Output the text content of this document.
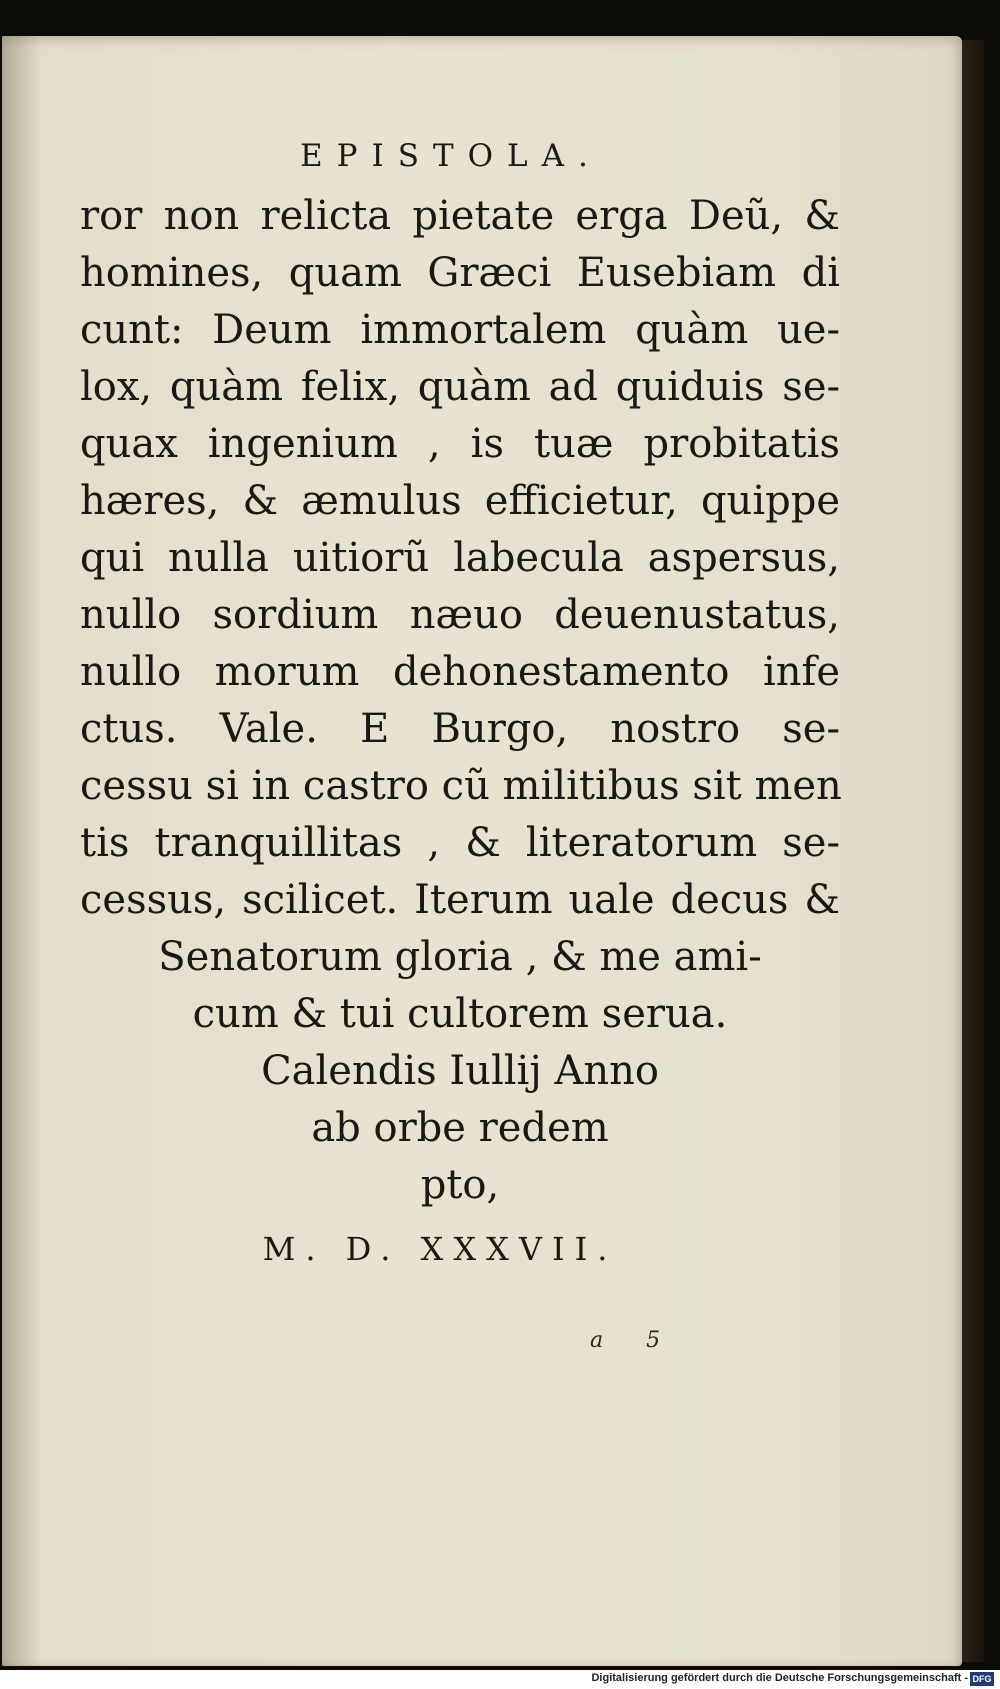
EPISTOLA.
ror non relicta pietate erga Deũ, &
homines, quam Græci Eusebiam di
cunt: Deum immortalem quàm ue-
lox, quàm felix, quàm ad quiduis se-
quax ingenium , is tuæ probitatis
hæres, & æmulus efficietur, quippe
qui nulla uitiorũ labecula aspersus,
nullo sordium næuo deuenustatus,
nullo morum dehonestamento infe
ctus. Vale. E Burgo, nostro se-
cessu si in castro cũ militibus sit men
tis tranquillitas , & literatorum se-
cessus, scilicet. Iterum uale decus &
Senatorum gloria , & me ami-
cum & tui cultorem serua.
Calendis Iullij Anno
ab orbe redem
pto,
M. D. XXXVII.
a 5
Digitalisierung gefördert durch die Deutsche Forschungsgemeinschaft - DFG
